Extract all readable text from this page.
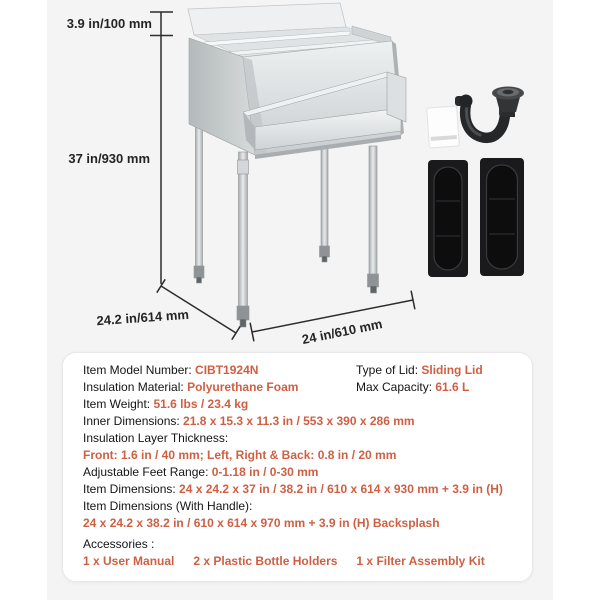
3.9 in/100 mm
37 in/930 mm
24.2 in/614 mm	24 in/610 mm

Item Model Number: CIBT1924N	Type of Lid: Sliding Lid

Insulation Material: Polyurethane Foam	Max Capacity: 61.6 L

Item Weight: 51.6 lbs / 23.4 kg

Inner Dimensions: 21.8 x 15.3 x 11.3 in / 553 x 390 x 286 mm

Insulation Layer Thickness:

Front: 1.6 in / 40 mm; Left, Right & Back: 0.8 in / 20 mm

Adjustable Feet Range: 0-1.18 in / 0-30 mm

Item Dimensions: 24 x 24.2 x 37 in / 38.2 in / 610 x 614 x 930 mm + 3.9 in (H)

Item Dimensions (With Handle):

24 x 24.2 x 38.2 in / 610 x 614 x 970 mm + 3.9 in (H) Backsplash

Accessories :

1 x User Manual 2 x Plastic Bottle Holders 1 x Filter Assembly Kit
